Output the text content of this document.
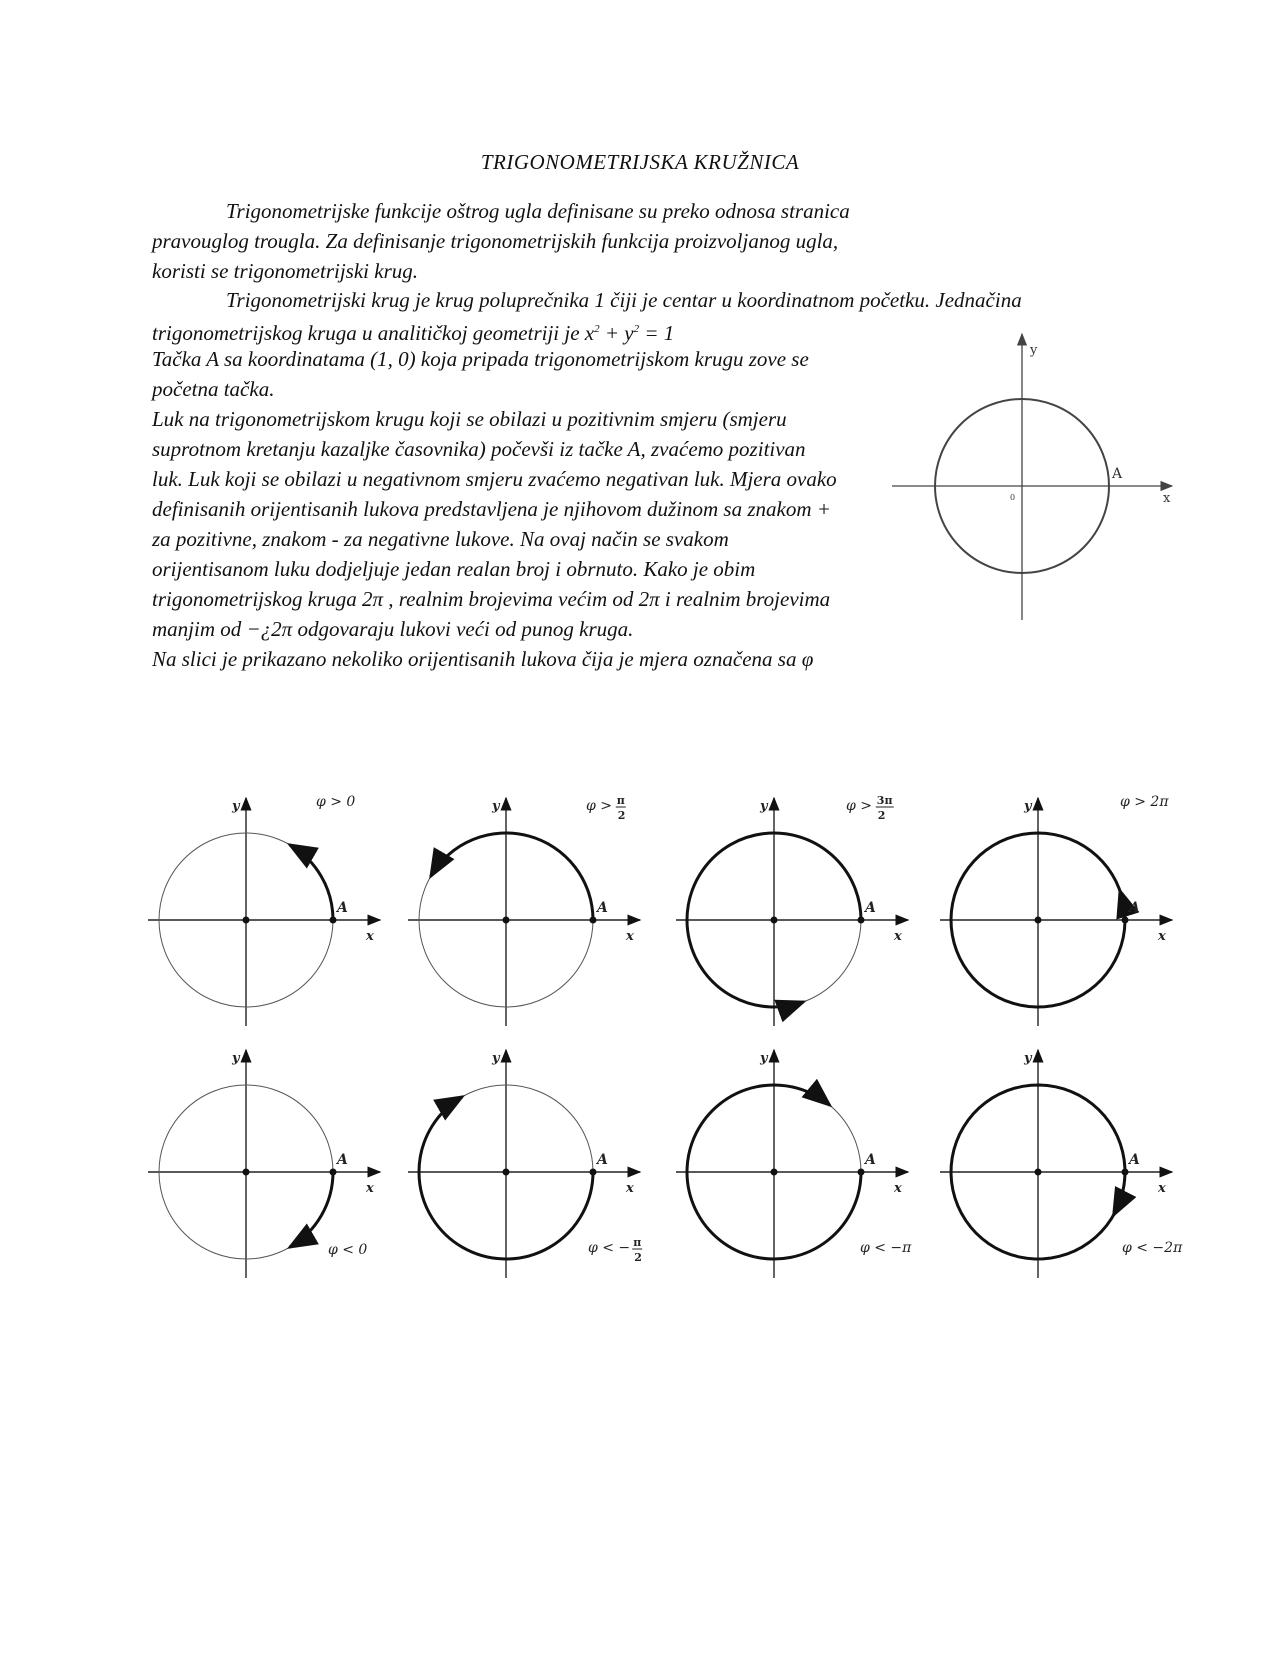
TRIGONOMETRIJSKA KRUŽNICA
Trigonometrijske funkcije oštrog ugla definisane su preko odnosa stranica
pravouglog trougla. Za definisanje trigonometrijskih funkcija proizvoljanog ugla,
koristi se trigonometrijski krug.
Trigonometrijski krug je krug poluprečnika 1 čiji je centar u koordinatnom početku. Jednačina
trigonometrijskog kruga u analitičkoj geometriji je $x^2 + y^2 = 1$
Tačka A sa koordinatama (1, 0) koja pripada trigonometrijskom krugu zove se
početna tačka.
Luk na trigonometrijskom krugu koji se obilazi u pozitivnim smjeru (smjeru
suprotnom kretanju kazaljke časovnika) počevši iz tačke A, zvaćemo pozitivan
luk. Luk koji se obilazi u negativnom smjeru zvaćemo negativan luk. Mjera ovako
definisanih orijentisanih lukova predstavljena je njihovom dužinom sa znakom +
za pozitivne, znakom - za negativne lukove. Na ovaj način se svakom
orijentisanom luku dodjeljuje jedan realan broj i obrnuto. Kako je obim
trigonometrijskog kruga 2π , realnim brojevima većim od 2π i realnim brojevima
manjim od −¿2π odgovaraju lukovi veći od punog kruga.
Na slici je prikazano nekoliko orijentisanih lukova čija je mjera označena sa φ
y
x
A
0
y
x
A
φ > 0	y
x
A
φ > π
2
y
x
A
φ > 3π
2
y
x
A
φ > 2π
y
x
A
φ < 0
y
x
A
φ < − π
2
y
x
A
φ < −π
y
x
A
φ < −2π
